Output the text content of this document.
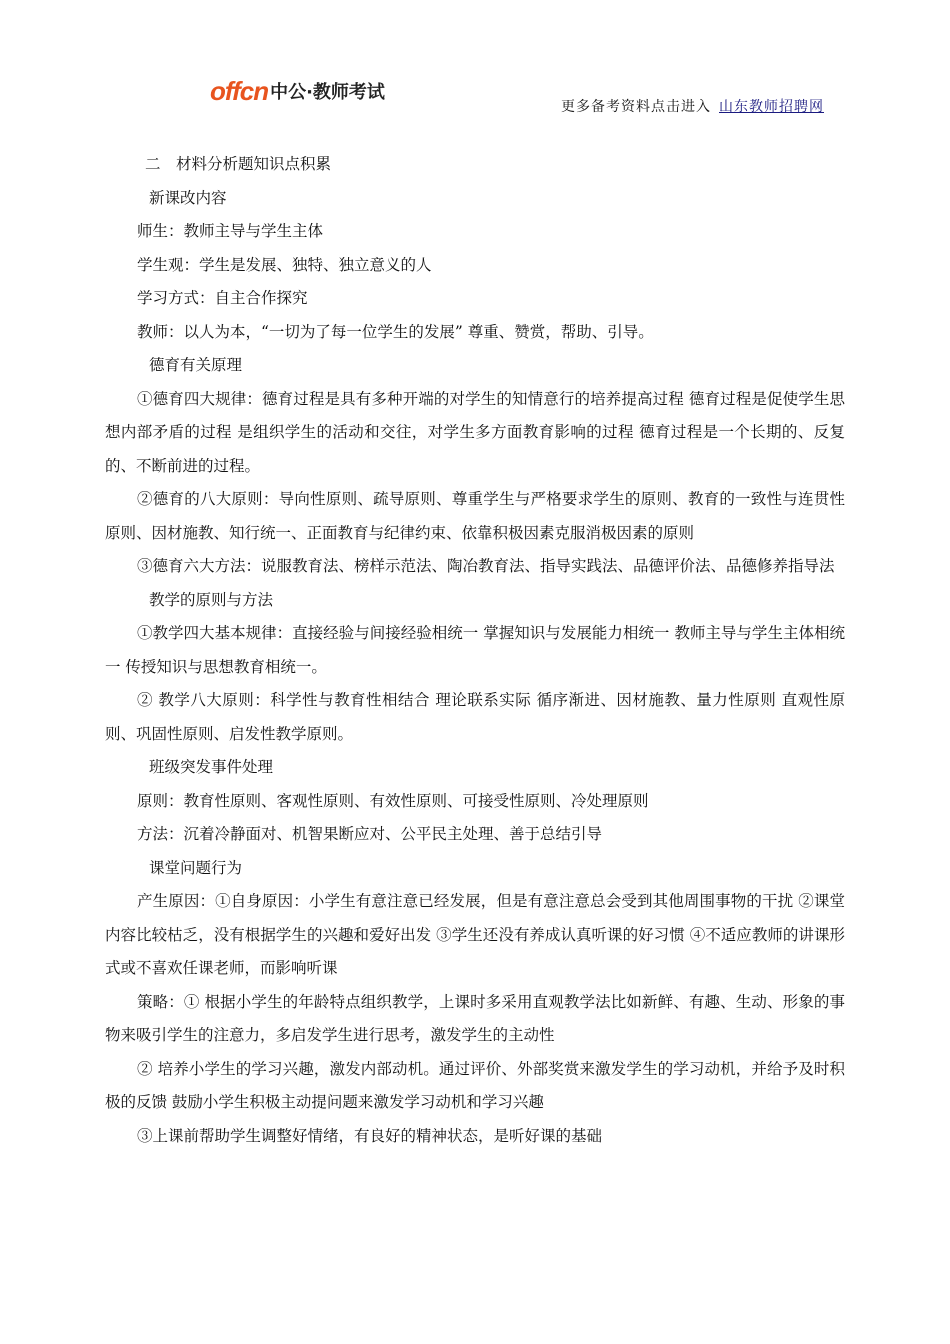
offcn 中公·教师考试
更多备考资料点击进入 山东教师招聘网
二　材料分析题知识点积累
新课改内容
师生：教师主导与学生主体
学生观：学生是发展、独特、独立意义的人
学习方式：自主合作探究
教师：以人为本，“一切为了每一位学生的发展” 尊重、赞赏，帮助、引导。
德育有关原理
①德育四大规律：德育过程是具有多种开端的对学生的知情意行的培养提高过程 德育过程是促使学生思想内部矛盾的过程 是组织学生的活动和交往，对学生多方面教育影响的过程 德育过程是一个长期的、反复的、不断前进的过程。
②德育的八大原则：导向性原则、疏导原则、尊重学生与严格要求学生的原则、教育的一致性与连贯性原则、因材施教、知行统一、正面教育与纪律约束、依靠积极因素克服消极因素的原则
③德育六大方法：说服教育法、榜样示范法、陶冶教育法、指导实践法、品德评价法、品德修养指导法
教学的原则与方法
①教学四大基本规律：直接经验与间接经验相统一 掌握知识与发展能力相统一 教师主导与学生主体相统一 传授知识与思想教育相统一。
② 教学八大原则：科学性与教育性相结合 理论联系实际 循序渐进、因材施教、量力性原则 直观性原则、巩固性原则、启发性教学原则。
班级突发事件处理
原则：教育性原则、客观性原则、有效性原则、可接受性原则、冷处理原则
方法：沉着冷静面对、机智果断应对、公平民主处理、善于总结引导
课堂问题行为
产生原因：①自身原因：小学生有意注意已经发展，但是有意注意总会受到其他周围事物的干扰 ②课堂内容比较枯乏，没有根据学生的兴趣和爱好出发 ③学生还没有养成认真听课的好习惯 ④不适应教师的讲课形式或不喜欢任课老师，而影响听课
策略：① 根据小学生的年龄特点组织教学，上课时多采用直观教学法比如新鲜、有趣、生动、形象的事物来吸引学生的注意力，多启发学生进行思考，激发学生的主动性
② 培养小学生的学习兴趣，激发内部动机。通过评价、外部奖赏来激发学生的学习动机，并给予及时积极的反馈 鼓励小学生积极主动提问题来激发学习动机和学习兴趣
③上课前帮助学生调整好情绪，有良好的精神状态，是听好课的基础
